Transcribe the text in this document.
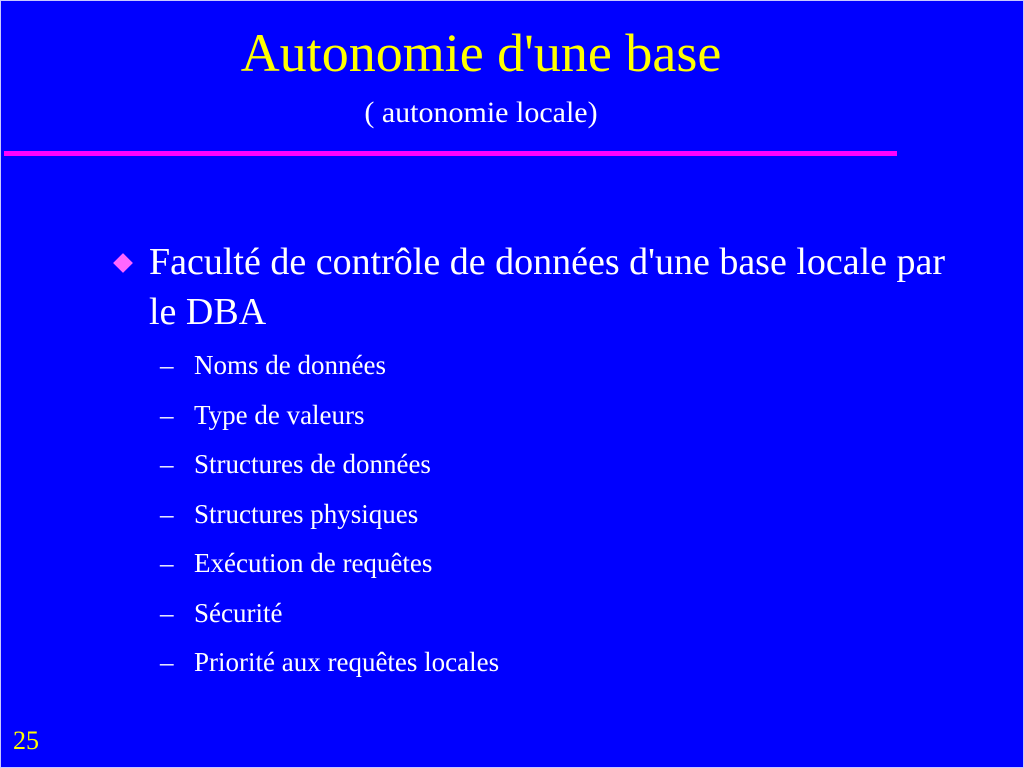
Autonomie d'une base
( autonomie locale)
Faculté de contrôle de données d'une base locale par le DBA
– Noms de données
– Type de valeurs
– Structures de données
– Structures physiques
– Exécution de requêtes
– Sécurité
– Priorité aux requêtes locales
25
